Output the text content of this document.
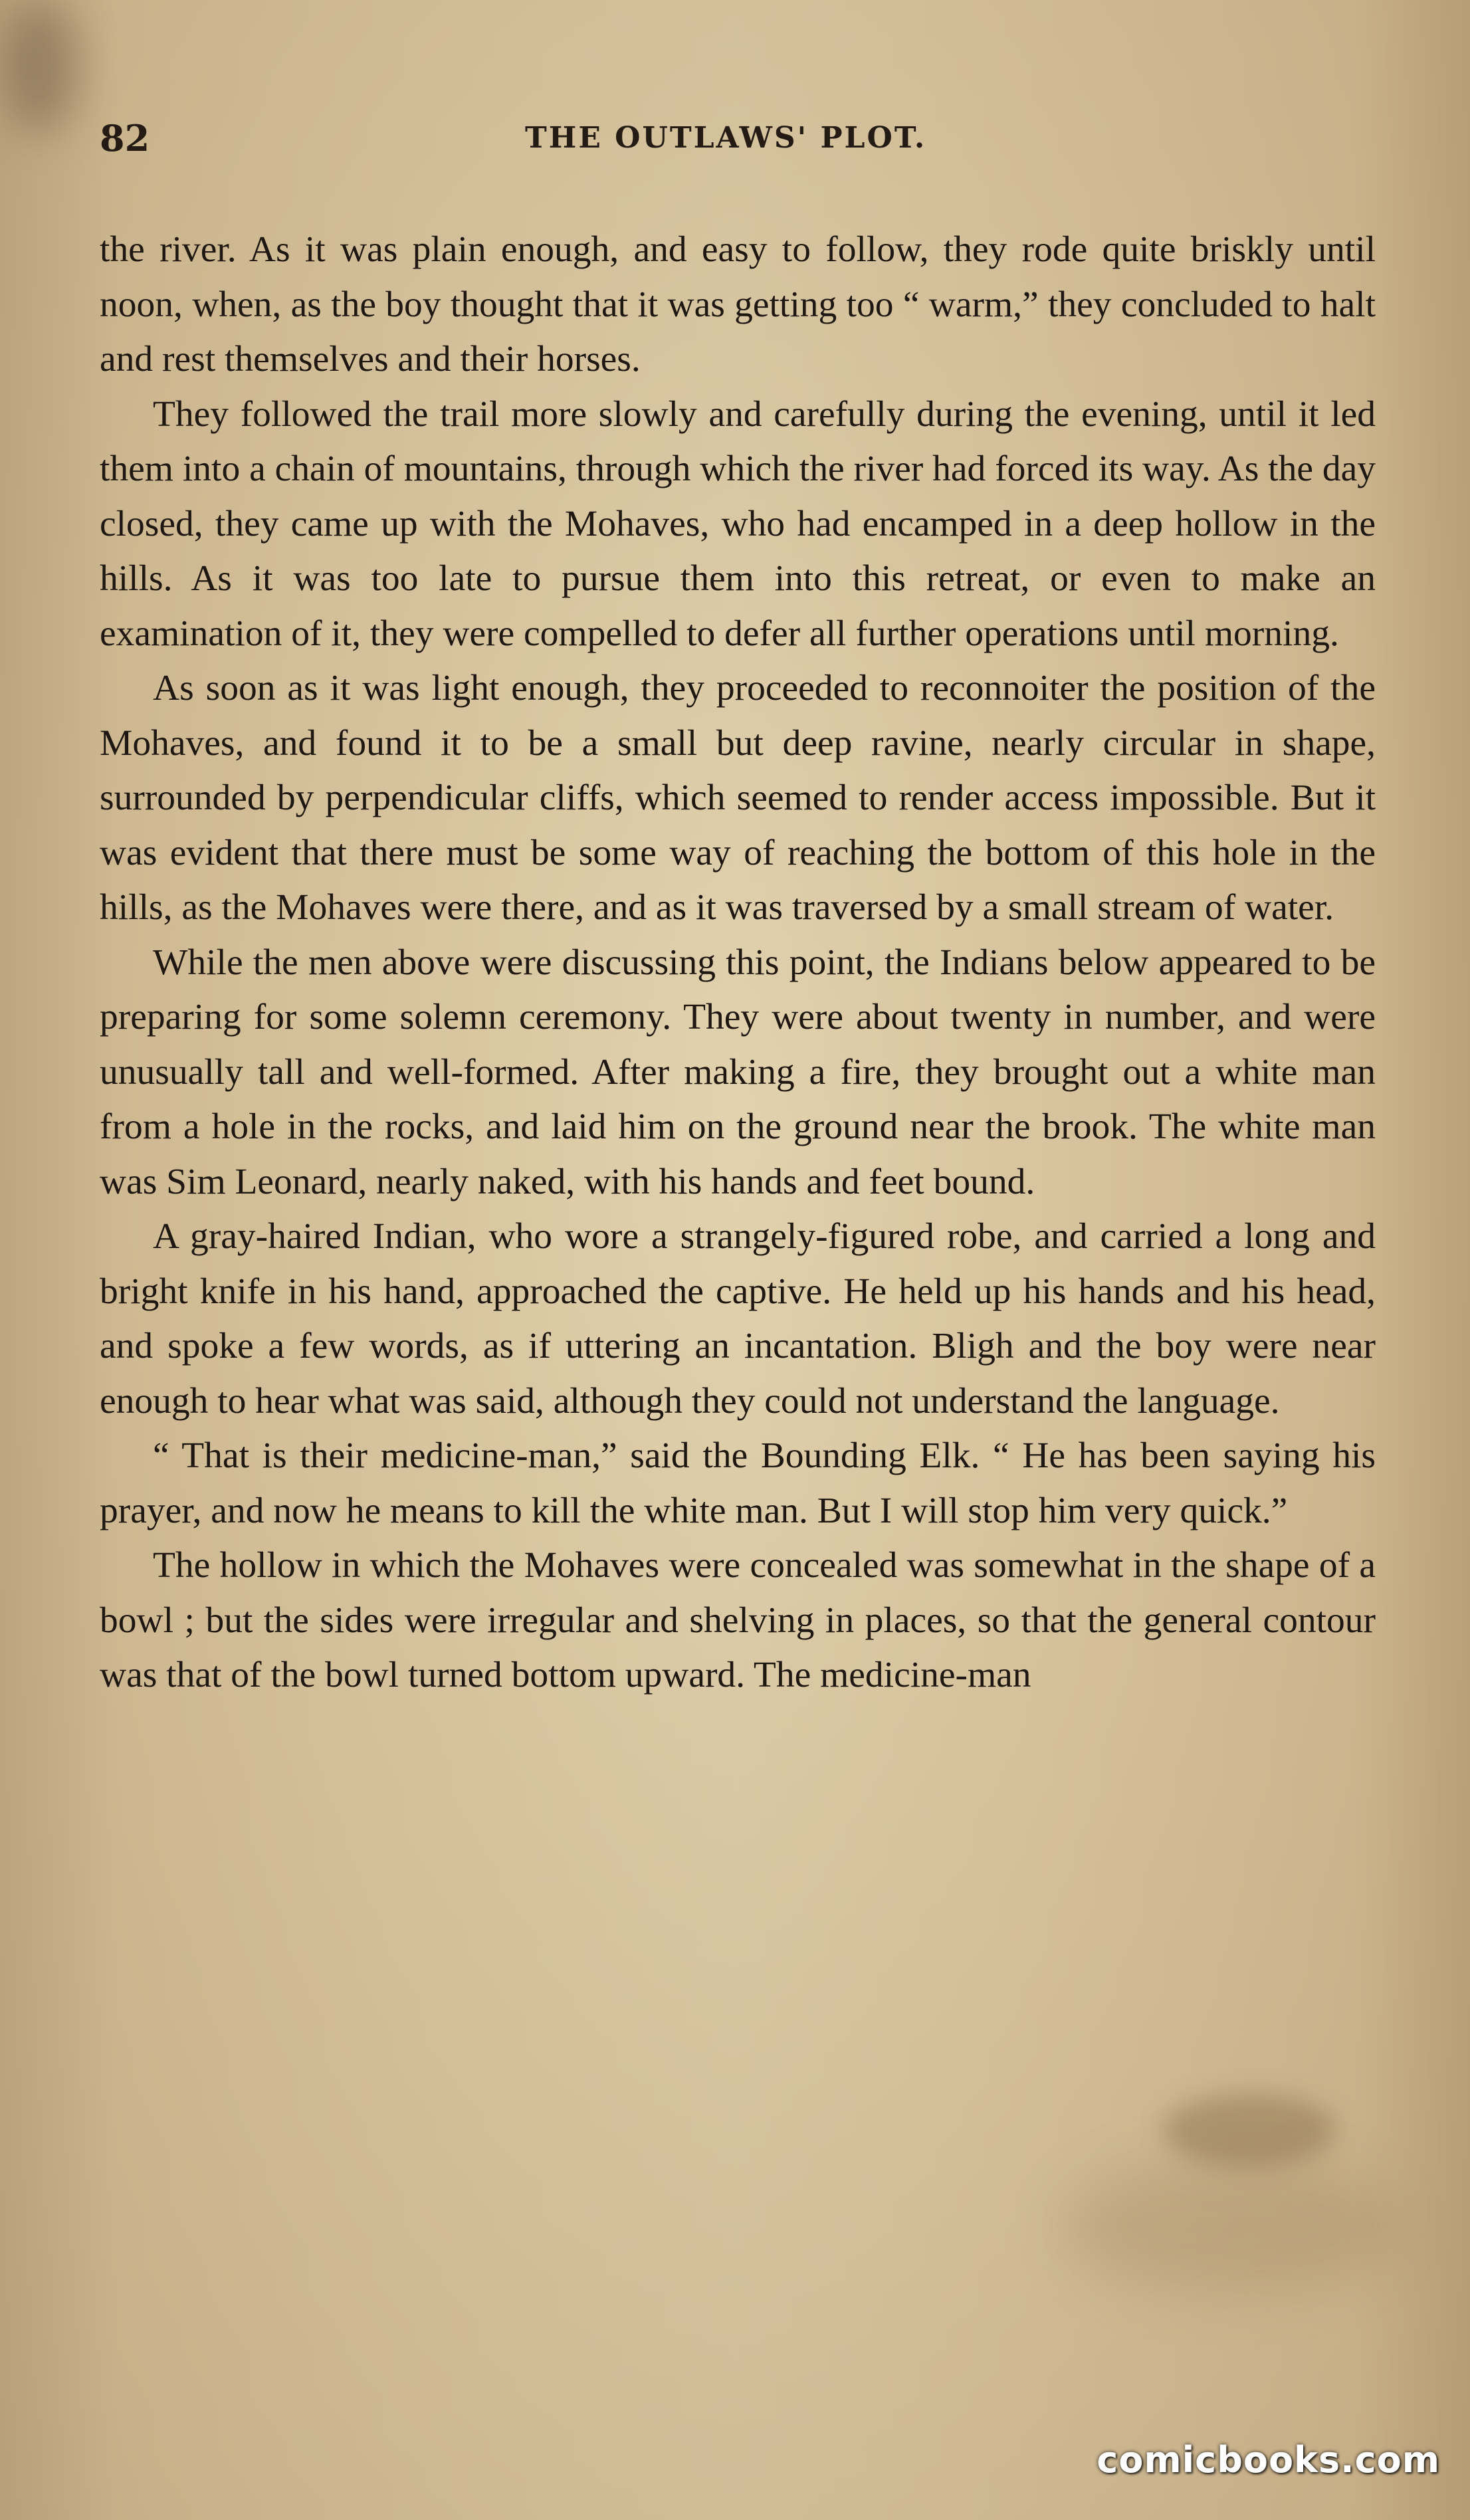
82	THE OUTLAWS' PLOT.

the river. As it was plain enough, and easy to follow, they rode quite briskly until noon, when, as the boy thought that it was getting too “ warm,” they concluded to halt and rest themselves and their horses.

They followed the trail more slowly and carefully during the evening, until it led them into a chain of mountains, through which the river had forced its way. As the day closed, they came up with the Mohaves, who had encamped in a deep hollow in the hills. As it was too late to pursue them into this retreat, or even to make an examination of it, they were compelled to defer all further operations until morning.

As soon as it was light enough, they proceeded to reconnoiter the position of the Mohaves, and found it to be a small but deep ravine, nearly circular in shape, surrounded by perpendicular cliffs, which seemed to render access impossible. But it was evident that there must be some way of reaching the bottom of this hole in the hills, as the Mohaves were there, and as it was traversed by a small stream of water.

While the men above were discussing this point, the Indians below appeared to be preparing for some solemn ceremony. They were about twenty in number, and were unusually tall and well-formed. After making a fire, they brought out a white man from a hole in the rocks, and laid him on the ground near the brook. The white man was Sim Leonard, nearly naked, with his hands and feet bound.

A gray-haired Indian, who wore a strangely-figured robe, and carried a long and bright knife in his hand, approached the captive. He held up his hands and his head, and spoke a few words, as if uttering an incantation. Bligh and the boy were near enough to hear what was said, although they could not understand the language.

“ That is their medicine-man,” said the Bounding Elk. “ He has been saying his prayer, and now he means to kill the white man. But I will stop him very quick.”

The hollow in which the Mohaves were concealed was somewhat in the shape of a bowl ; but the sides were irregular and shelving in places, so that the general contour was that of the bowl turned bottom upward. The medicine-man

comicbooks.com
